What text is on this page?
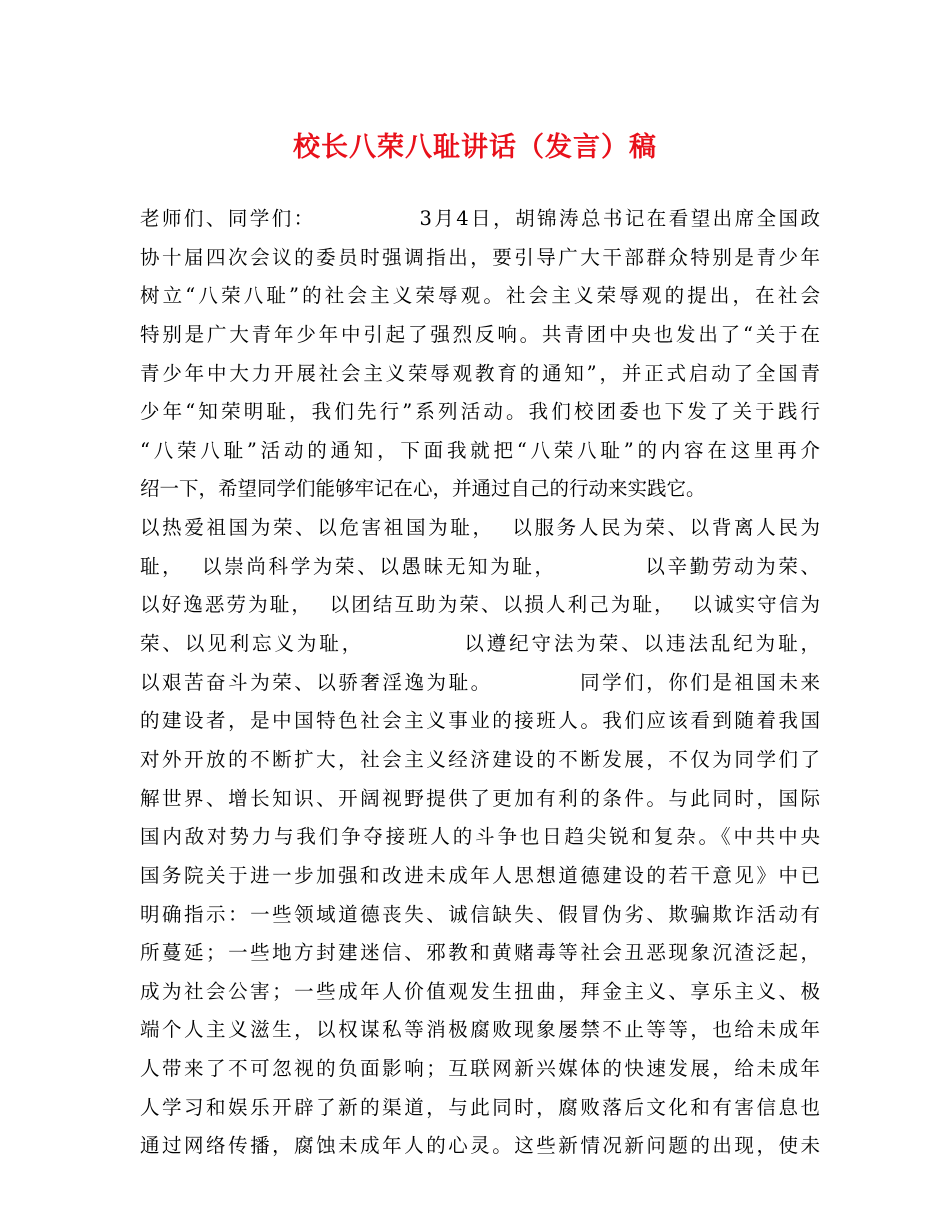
校长八荣八耻讲话（发言）稿
老师们、同学们：            3月4日，胡锦涛总书记在看望出席全国政
协十届四次会议的委员时强调指出，要引导广大干部群众特别是青少年
树立“八荣八耻”的社会主义荣辱观。社会主义荣辱观的提出，在社会
特别是广大青年少年中引起了强烈反响。共青团中央也发出了“关于在
青少年中大力开展社会主义荣辱观教育的通知”，并正式启动了全国青
少年“知荣明耻，我们先行”系列活动。我们校团委也下发了关于践行
“八荣八耻”活动的通知，下面我就把“八荣八耻”的内容在这里再介
绍一下，希望同学们能够牢记在心，并通过自己的行动来实践它。
以热爱祖国为荣、以危害祖国为耻，  以服务人民为荣、以背离人民为
耻，  以崇尚科学为荣、以愚昧无知为耻，          以辛勤劳动为荣、
以好逸恶劳为耻，  以团结互助为荣、以损人利己为耻，  以诚实守信为
荣、以见利忘义为耻，           以遵纪守法为荣、以违法乱纪为耻，
以艰苦奋斗为荣、以骄奢淫逸为耻。          同学们，你们是祖国未来
的建设者，是中国特色社会主义事业的接班人。我们应该看到随着我国
对外开放的不断扩大，社会主义经济建设的不断发展，不仅为同学们了
解世界、增长知识、开阔视野提供了更加有利的条件。与此同时，国际
国内敌对势力与我们争夺接班人的斗争也日趋尖锐和复杂。《中共中央
国务院关于进一步加强和改进未成年人思想道德建设的若干意见》中已
明确指示：一些领域道德丧失、诚信缺失、假冒伪劣、欺骗欺诈活动有
所蔓延；一些地方封建迷信、邪教和黄赌毒等社会丑恶现象沉渣泛起，
成为社会公害；一些成年人价值观发生扭曲，拜金主义、享乐主义、极
端个人主义滋生，以权谋私等消极腐败现象屡禁不止等等，也给未成年
人带来了不可忽视的负面影响；互联网新兴媒体的快速发展，给未成年
人学习和娱乐开辟了新的渠道，与此同时，腐败落后文化和有害信息也
通过网络传播，腐蚀未成年人的心灵。这些新情况新问题的出现，使未
